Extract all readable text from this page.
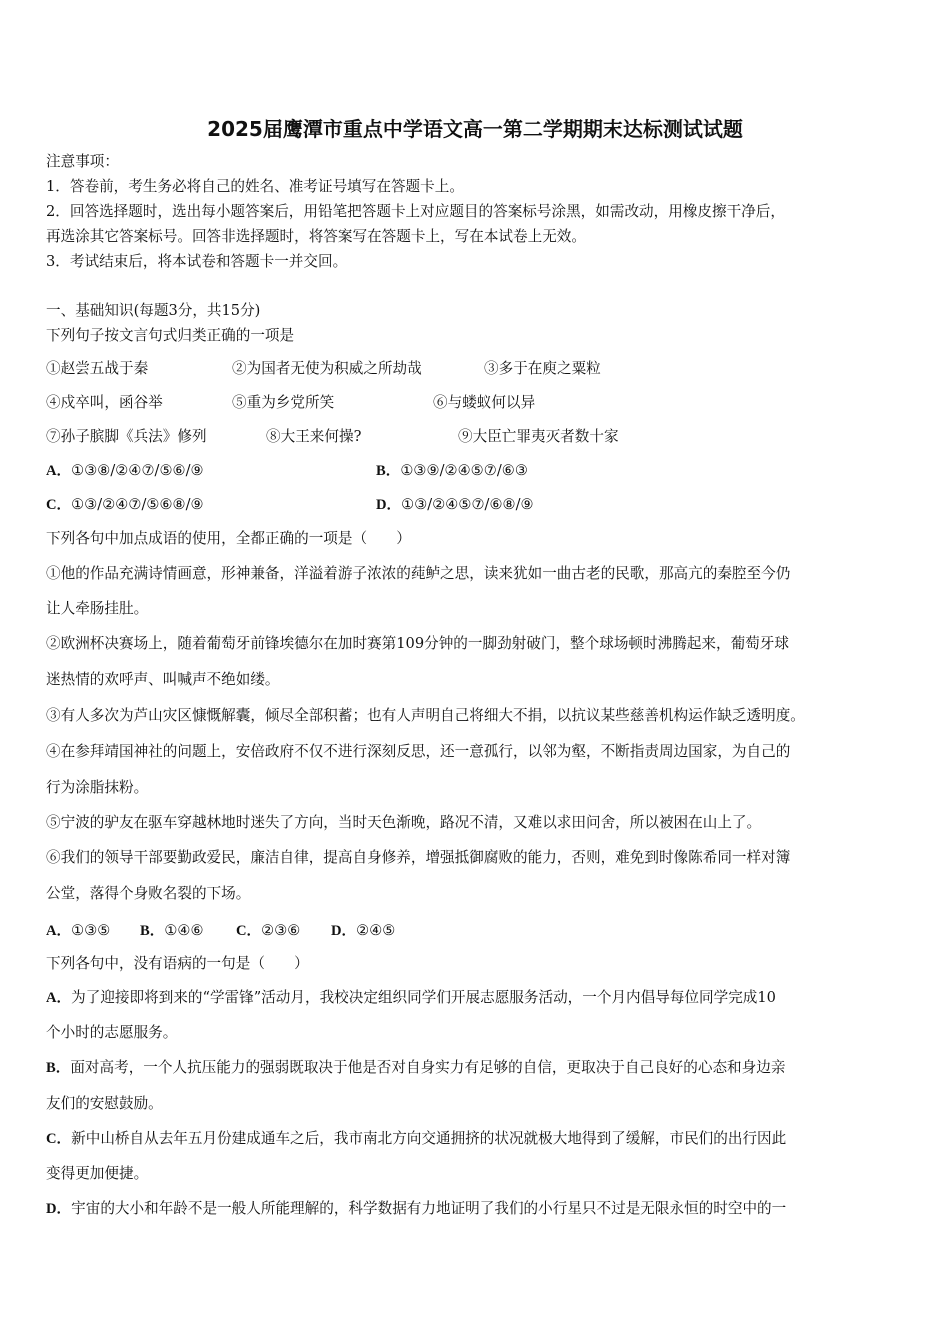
2025届鹰潭市重点中学语文高一第二学期期末达标测试试题
注意事项：
1．答卷前，考生务必将自己的姓名、准考证号填写在答题卡上。
2．回答选择题时，选出每小题答案后，用铅笔把答题卡上对应题目的答案标号涂黑，如需改动，用橡皮擦干净后，
再选涂其它答案标号。回答非选择题时，将答案写在答题卡上，写在本试卷上无效。
3．考试结束后，将本试卷和答题卡一并交回。
一、基础知识(每题3分，共15分)
下列句子按文言句式归类正确的一项是
①赵尝五战于秦	②为国者无使为积威之所劫哉	③多于在庾之粟粒
④戍卒叫，函谷举	⑤重为乡党所笑	⑥与蝼蚁何以异
⑦孙子膑脚《兵法》修列	⑧大王来何操?	⑨大臣亡罪夷灭者数十家
A．①③⑧/②④⑦/⑤⑥/⑨	B．①③⑨/②④⑤⑦/⑥③
C．①③/②④⑦/⑤⑥⑧/⑨	D．①③/②④⑤⑦/⑥⑧/⑨
下列各句中加点成语的使用，全都正确的一项是（　　）
①他的作品充满诗情画意，形神兼备，洋溢着游子浓浓的莼鲈之思，读来犹如一曲古老的民歌，那高亢的秦腔至今仍
让人牵肠挂肚。
②欧洲杯决赛场上，随着葡萄牙前锋埃德尔在加时赛第109分钟的一脚劲射破门，整个球场顿时沸腾起来，葡萄牙球
迷热情的欢呼声、叫喊声不绝如缕。
③有人多次为芦山灾区慷慨解囊，倾尽全部积蓄；也有人声明自己将细大不捐，以抗议某些慈善机构运作缺乏透明度。
④在参拜靖国神社的问题上，安倍政府不仅不进行深刻反思，还一意孤行，以邻为壑，不断指责周边国家，为自己的
行为涂脂抹粉。
⑤宁波的驴友在驱车穿越林地时迷失了方向，当时天色渐晚，路况不清，又难以求田问舍，所以被困在山上了。
⑥我们的领导干部要勤政爱民，廉洁自律，提高自身修养，增强抵御腐败的能力，否则，难免到时像陈希同一样对簿
公堂，落得个身败名裂的下场。
A．①③⑤ B．①④⑥ C．②③⑥ D．②④⑤
下列各句中，没有语病的一句是（　　）
A．为了迎接即将到来的“学雷锋”活动月，我校决定组织同学们开展志愿服务活动，一个月内倡导每位同学完成10
个小时的志愿服务。
B．面对高考，一个人抗压能力的强弱既取决于他是否对自身实力有足够的自信，更取决于自己良好的心态和身边亲
友们的安慰鼓励。
C．新中山桥自从去年五月份建成通车之后，我市南北方向交通拥挤的状况就极大地得到了缓解，市民们的出行因此
变得更加便捷。
D．宇宙的大小和年龄不是一般人所能理解的，科学数据有力地证明了我们的小行星只不过是无限永恒的时空中的一
